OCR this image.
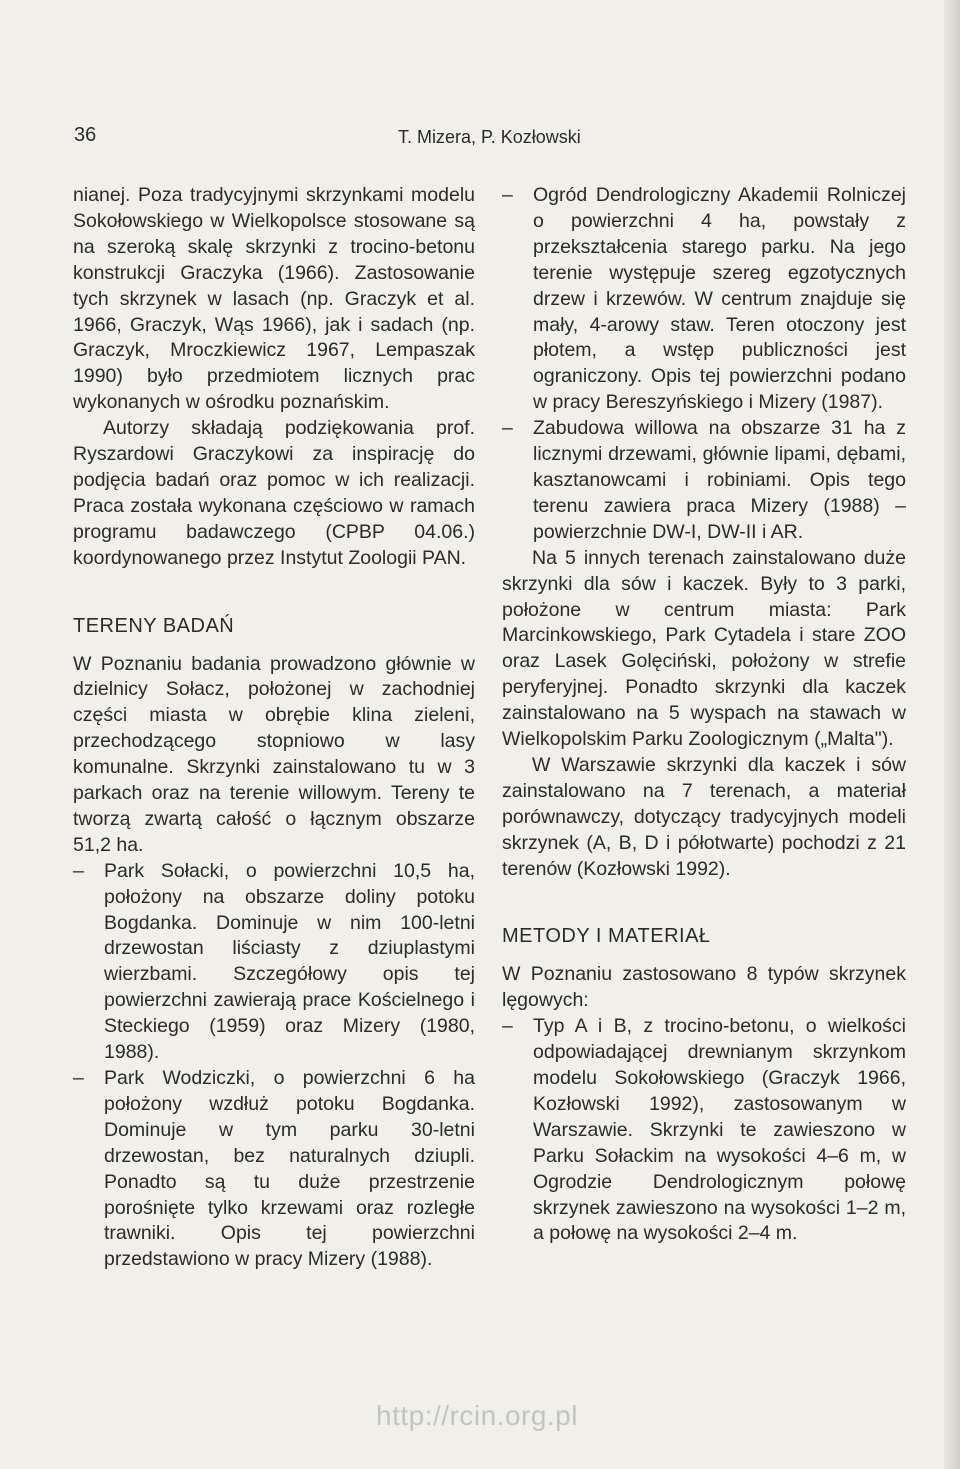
36	T. Mizera, P. Kozłowski

nianej. Poza tradycyjnymi skrzynkami modelu Sokołowskiego w Wielkopolsce stosowane są na szeroką skalę skrzynki z trocino-betonu konstrukcji Graczyka (1966). Zastosowanie tych skrzynek w lasach (np. Graczyk et al. 1966, Graczyk, Wąs 1966), jak i sadach (np. Graczyk, Mroczkiewicz 1967, Lempaszak 1990) było przedmiotem licznych prac wykonanych w ośrodku poznańskim.

Autorzy składają podziękowania prof. Ryszardowi Graczykowi za inspirację do podjęcia badań oraz pomoc w ich realizacji. Praca została wykonana częściowo w ramach programu badawczego (CPBP 04.06.) koordynowanego przez Instytut Zoologii PAN.

TERENY BADAŃ

W Poznaniu badania prowadzono głównie w dzielnicy Sołacz, położonej w zachodniej części miasta w obrębie klina zieleni, przechodzącego stopniowo w lasy komunalne. Skrzynki zainstalowano tu w 3 parkach oraz na terenie willowym. Tereny te tworzą zwartą całość o łącznym obszarze 51,2 ha.

– Park Sołacki, o powierzchni 10,5 ha, położony na obszarze doliny potoku Bogdanka. Dominuje w nim 100-letni drzewostan liściasty z dziuplastymi wierzbami. Szczegółowy opis tej powierzchni zawierają prace Kościelnego i Steckiego (1959) oraz Mizery (1980, 1988).

– Park Wodziczki, o powierzchni 6 ha położony wzdłuż potoku Bogdanka. Dominuje w tym parku 30-letni drzewostan, bez naturalnych dziupli. Ponadto są tu duże przestrzenie porośnięte tylko krzewami oraz rozległe trawniki. Opis tej powierzchni przedstawiono w pracy Mizery (1988).

– Ogród Dendrologiczny Akademii Rolniczej o powierzchni 4 ha, powstały z przekształcenia starego parku. Na jego terenie występuje szereg egzotycznych drzew i krzewów. W centrum znajduje się mały, 4-arowy staw. Teren otoczony jest płotem, a wstęp publiczności jest ograniczony. Opis tej powierzchni podano w pracy Bereszyńskiego i Mizery (1987).

– Zabudowa willowa na obszarze 31 ha z licznymi drzewami, głównie lipami, dębami, kasztanowcami i robiniami. Opis tego terenu zawiera praca Mizery (1988) – powierzchnie DW-I, DW-II i AR.

Na 5 innych terenach zainstalowano duże skrzynki dla sów i kaczek. Były to 3 parki, położone w centrum miasta: Park Marcinkowskiego, Park Cytadela i stare ZOO oraz Lasek Golęciński, położony w strefie peryferyjnej. Ponadto skrzynki dla kaczek zainstalowano na 5 wyspach na stawach w Wielkopolskim Parku Zoologicznym („Malta").

W Warszawie skrzynki dla kaczek i sów zainstalowano na 7 terenach, a materiał porównawczy, dotyczący tradycyjnych modeli skrzynek (A, B, D i półotwarte) pochodzi z 21 terenów (Kozłowski 1992).

METODY I MATERIAŁ

W Poznaniu zastosowano 8 typów skrzynek lęgowych:

– Typ A i B, z trocino-betonu, o wielkości odpowiadającej drewnianym skrzynkom modelu Sokołowskiego (Graczyk 1966, Kozłowski 1992), zastosowanym w Warszawie. Skrzynki te zawieszono w Parku Sołackim na wysokości 4–6 m, w Ogrodzie Dendrologicznym połowę skrzynek zawieszono na wysokości 1–2 m, a połowę na wysokości 2–4 m.

http://rcin.org.pl
